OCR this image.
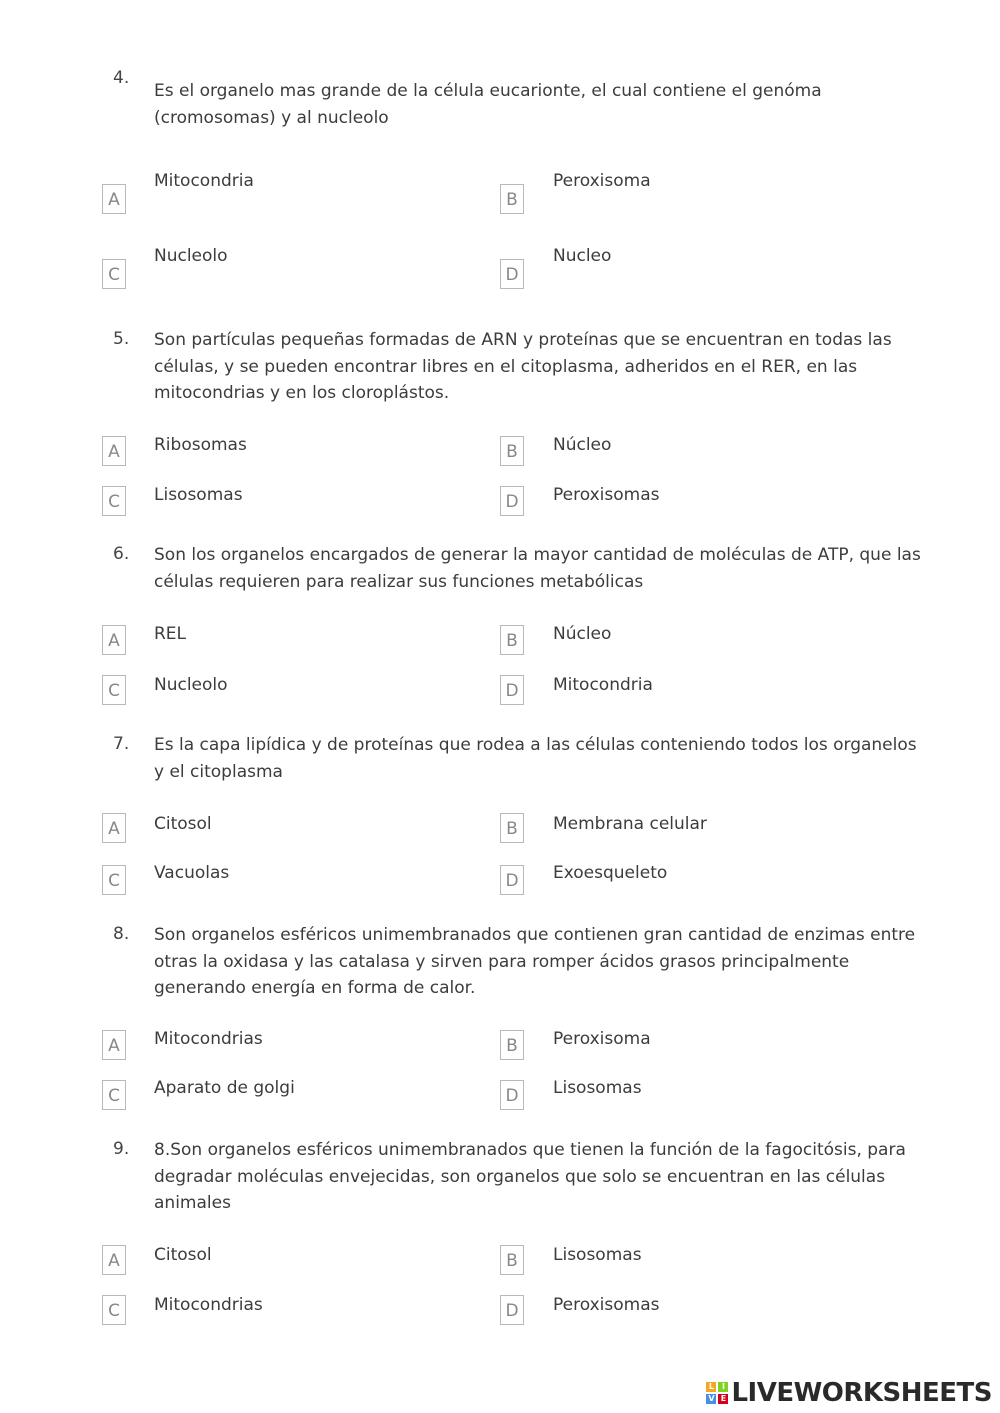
4.
Es el organelo mas grande de la célula eucarionte, el cual contiene el genóma (cromosomas) y al nucleolo
A
Mitocondria
B
Peroxisoma
C
Nucleolo
D
Nucleo
5.	Son partículas pequeñas formadas de ARN y proteínas que se encuentran en todas las células, y se pueden encontrar libres en el citoplasma, adheridos en el RER, en las mitocondrias y en los cloroplástos.
A	Ribosomas	B	Núcleo
C	Lisosomas	D	Peroxisomas
6.	Son los organelos encargados de generar la mayor cantidad de moléculas de ATP, que las células requieren para realizar sus funciones metabólicas
A	REL	B	Núcleo
C	Nucleolo	D	Mitocondria
7.	Es la capa lipídica y de proteínas que rodea a las células conteniendo todos los organelos y el citoplasma
A	Citosol	B	Membrana celular
C	Vacuolas	D	Exoesqueleto
8.	Son organelos esféricos unimembranados que contienen gran cantidad de enzimas entre otras la oxidasa y las catalasa y sirven para romper ácidos grasos principalmente generando energía en forma de calor.
A	Mitocondrias	B	Peroxisoma
C	Aparato de golgi	D	Lisosomas
9.	8.Son organelos esféricos unimembranados que tienen la función de la fagocitósis, para degradar moléculas envejecidas, son organelos que solo se encuentran en las células animales
A	Citosol	B	Lisosomas
C	Mitocondrias	D	Peroxisomas
L I
V E LIVEWORKSHEETS
